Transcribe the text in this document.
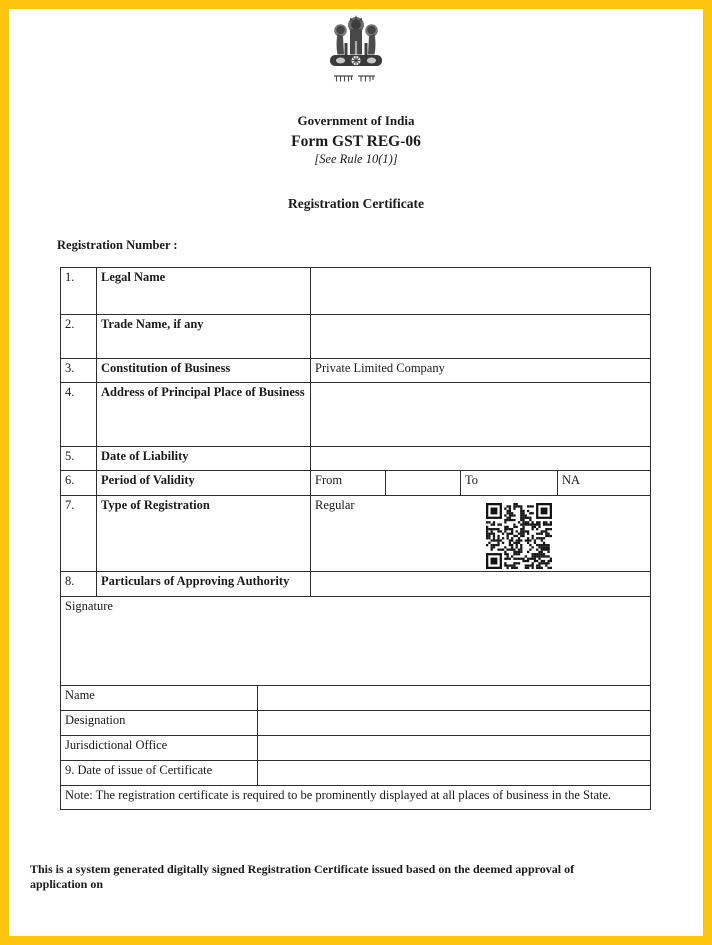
Government of India
Form GST REG-06
[See Rule 10(1)]
Registration Certificate
Registration Number :
1.	Legal Name					
2.	Trade Name, if any					
3.	Constitution of Business		Private Limited Company			
4.	Address of Principal Place of Business					
5.	Date of Liability					
6.	Period of Validity		From		To	NA
7.	Type of Registration		Regular			

8.	Particulars of Approving Authority					
Signature						
Name						
Designation						
Jurisdictional Office						
9. Date of issue of Certificate						
Note: The registration certificate is required to be prominently displayed at all places of business in the State.						
This is a system generated digitally signed Registration Certificate issued based on the deemed approval of application on
